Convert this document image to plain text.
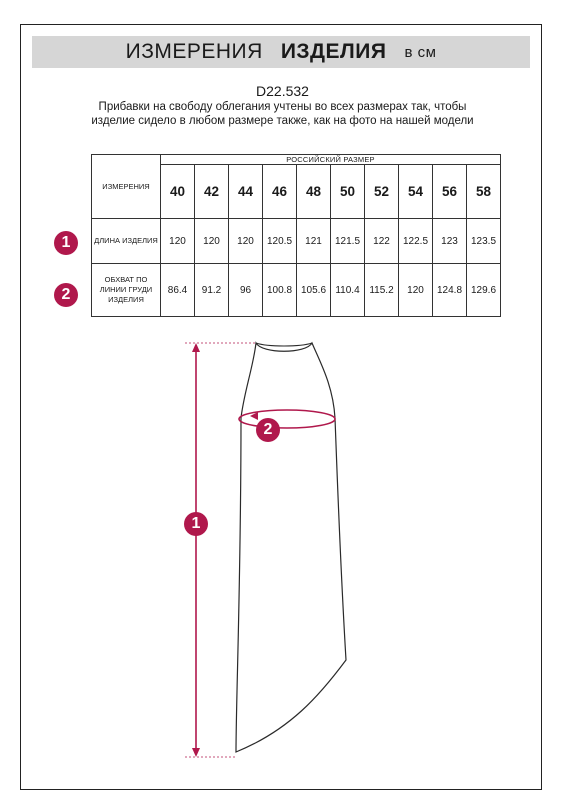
ИЗМЕРЕНИЯ ИЗДЕЛИЯ в см
D22.532
Прибавки на свободу облегания учтены во всех размерах так, чтобы изделие сидело в любом размере также, как на фото на нашей модели
ИЗМЕРЕНИЯ	РОССИЙСКИЙ РАЗМЕР									
	40	42	44	46	48	50	52	54	56	58
ДЛИНА ИЗДЕЛИЯ	120	120	120	120.5	121	121.5	122	122.5	123	123.5
ОБХВАТ ПО ЛИНИИ ГРУДИ ИЗДЕЛИЯ	86.4	91.2	96	100.8	105.6	110.4	115.2	120	124.8	129.6
1
2
1
2
